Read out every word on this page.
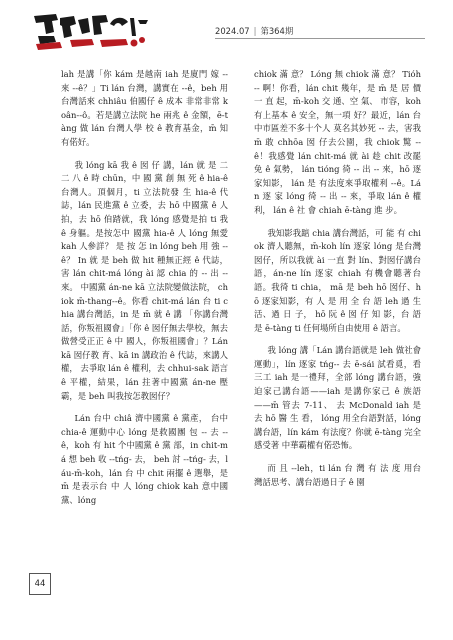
2024.07 | 第364期

lah 是講「你 kám 是越南 iah 是廈門 嫁 -- 來 --ê？」Ti lán 台灣，講實在 --ê，beh 用台灣話來 chhiâu 㑑國仔 ê 成本 非常非常 koân--ô。若是講立法院 he 兩兆 ê 金額，ē-tàng 做 lán 台灣人學 校 ê 教育基金，m̄ 知有偌好。

我 lóng kā 我 ê 囡 仔 講，lán 就 是 二 二 八 ê 時 chūn，中 國 黨 創 無 死 ê hia-ê 台灣人。頂個月，ti 立法院發 生 hia-ê 代誌，lán 民進黨 ê 立委，去 hō 中國黨 ê 人拍，去 hō 㑑踏就，我 lóng 感覺是拍 ti 我 ê 身軀。是按怎中 國黨 hia-ê 人 lóng 無愛 kah 人參詳？ 是 按 怎 in lóng beh 用 強 --ê？ In 就 是 beh 做 hit 種無正經 ê 代誌，害 lán chit-má lóng ài 認 chia 的 -- 出 -- 來。 中國黨 án-ne kā 立法院變做法院， chiok m̄-thang--ê。你看 chit-má lán 台 ti chia 講台灣話，in 是 m̄ 就 ê 講 「你講台灣話，你叛祖國會」「你 ê 囡仔無去學校，無去做營受正正 ê 中 國人，你叛祖國會」？Lán kā 囡仔教 育、kā in 講政治 ê 代誌，來講人權， 去爭取 lán ê 權利，去 chhui-sak 語言 ê 平權，結果，lán 拄著中國黨 án-ne 壓霸，是 beh 叫我按怎教囡仔？

Lán 台中 chiâ 濟中國黨 ê 黨產， 台中 chia-ê 運動中心 lóng 是救國團 包 -- 去 --ê，koh 有 hit 个中國黨 ê 黨 部，in chit-má 想 beh 收 --tńg- 去， beh 討 --tńg- 去，láu-m̄-koh，lán 台 中 chit 兩擺 ê 選舉，是 m̄ 是表示台 中 人 lóng chiok kah 意中國黨、lóng

chiok 滿 意？ Lóng 無 chiok 滿 意？ Tióh-- 啊！你看，lán chit 幾年，是 m̄ 是 居 價 一 直 起，m̄-koh 交 通、空 氣、 市容，koh 有上基本 ê 安全，無一項 好？最近，lán 台中市區差不多十个人 莫名其妙死 -- 去，害我 m̄ 敢 chhōa 囡 仔去公園，我 chiok 驚 --ê！我感覺 lán chit-má 就 ài 趁 chit 改罷免 ê 氣勢， lán tióng 徛 -- 出 -- 來，hō 逐家知影， lán 是 有法度來爭取權利 --ê。Lán 逐 家 lóng 徛 -- 出 -- 來，爭取 lán ê 權利， lán ê 社 會 chiah ē-tàng 進 步。

我知影我踮 chia 講台灣話，可 能 有 chiok 濟人聽無，m̄-koh lín 逐家 lóng 是台灣囡仔，所以我就 ài 一直 對 lín、對囡仔講台語，án-ne lín 逐家 chiah 有機會聽著台語。我徛 ti chia， mā 是 beh hō 囡仔、hō 逐家知影，有 人 是 用 全 台 語 leh 過 生 活、過 日 子， hō 阮 ê 囡 仔 知 影，台 語 是 ē-tàng ti 任何場所自由使用 ê 語言。

我 lóng 講「Lán 講台語就是 leh 做社會運動」，lín 逐家 tńg-- 去 ē-sái 試看覓，看三工 iah 是一禮拜，全部 lóng 講台語，強迫家己講台語——iah 是講你家己 ê 族語——m̄ 管去 7-11、 去 McDonald iah 是 去 hō 醫 生 看， lóng 用全台語對話，lóng 講台語，lín kám 有法度？你就 ē-tàng 完全感受著 中華霸權有偌恐怖。

而 且 --leh，ti lán 台 灣 有 法 度 用台灣話思考、講台語過日子 ê 園

44
